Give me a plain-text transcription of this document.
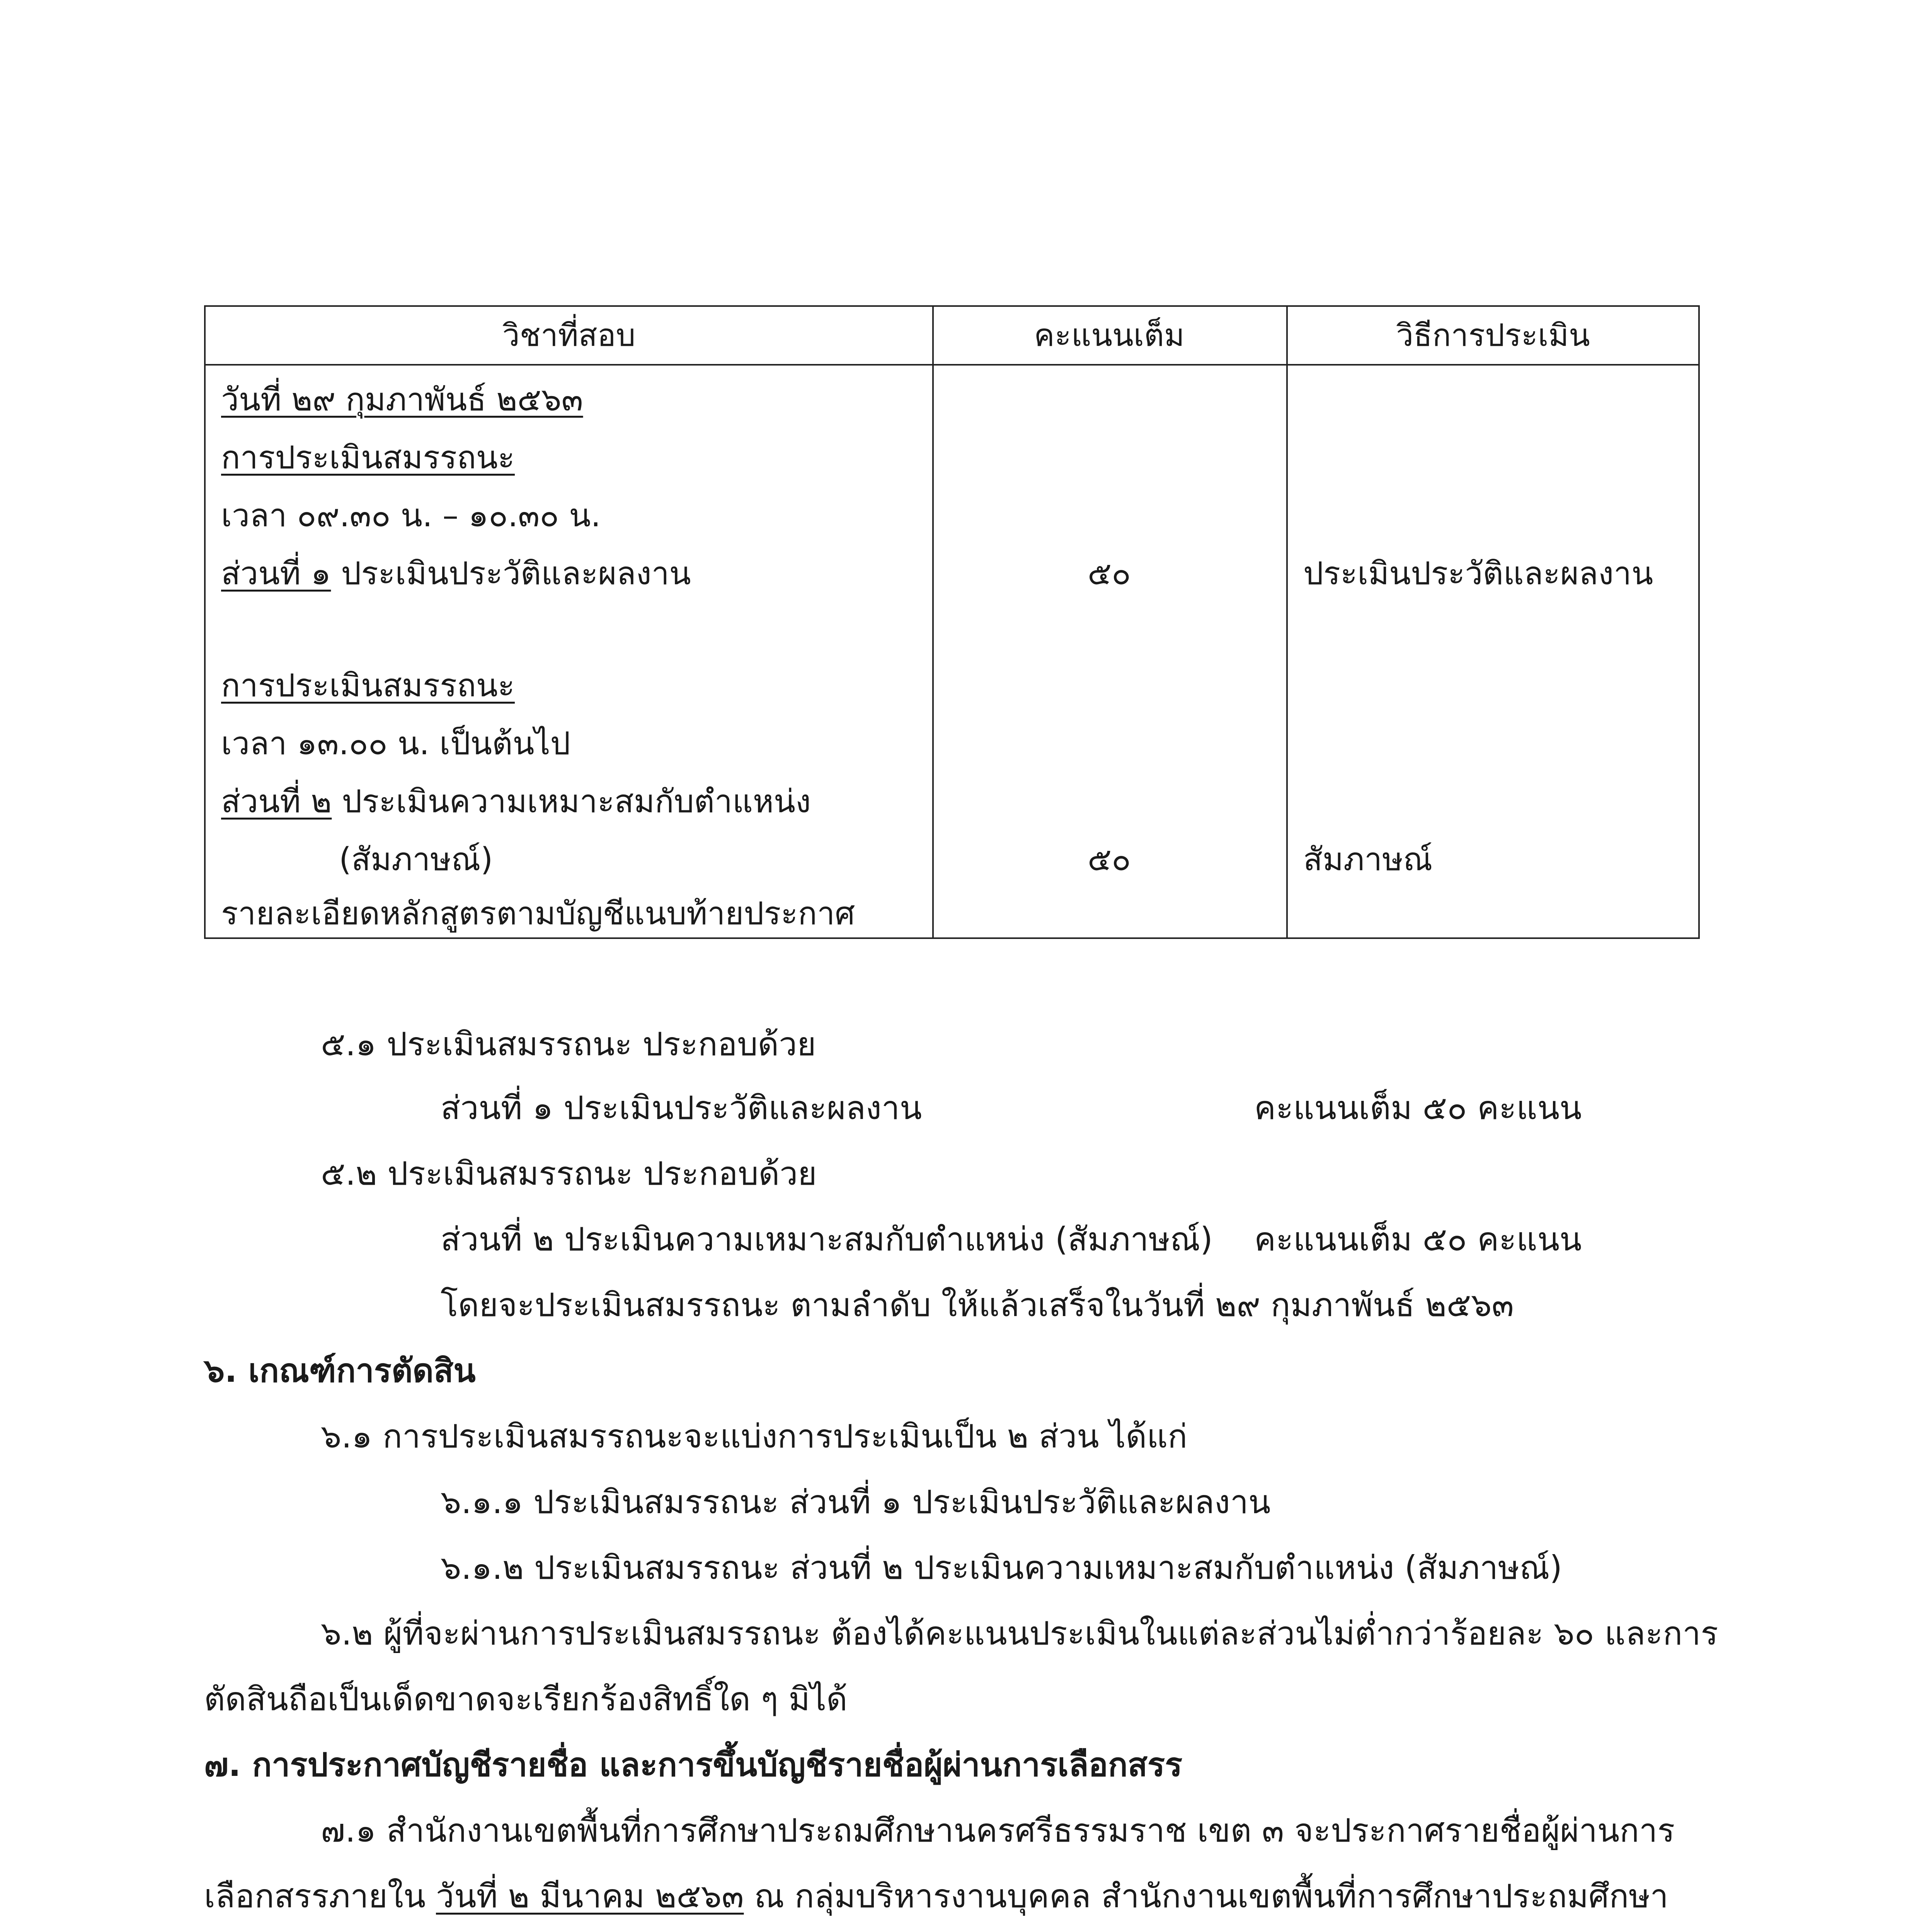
วิชาที่สอบ	คะแนนเต็ม	วิธีการประเมิน
วันที่ ๒๙ กุมภาพันธ์ ๒๕๖๓
การประเมินสมรรถนะ
เวลา ๐๙.๓๐ น. – ๑๐.๓๐ น.
ส่วนที่ ๑ ประเมินประวัติและผลงาน	๕๐	ประเมินประวัติและผลงาน
การประเมินสมรรถนะ
เวลา ๑๓.๐๐ น. เป็นต้นไป
ส่วนที่ ๒ ประเมินความเหมาะสมกับตำแหน่ง
(สัมภาษณ์)	๕๐	สัมภาษณ์
รายละเอียดหลักสูตรตามบัญชีแนบท้ายประกาศ
๕.๑ ประเมินสมรรถนะ ประกอบด้วย
ส่วนที่ ๑ ประเมินประวัติและผลงาน	คะแนนเต็ม ๕๐ คะแนน
๕.๒ ประเมินสมรรถนะ ประกอบด้วย
ส่วนที่ ๒ ประเมินความเหมาะสมกับตำแหน่ง (สัมภาษณ์) คะแนนเต็ม ๕๐ คะแนน
โดยจะประเมินสมรรถนะ ตามลำดับ ให้แล้วเสร็จในวันที่ ๒๙ กุมภาพันธ์ ๒๕๖๓
๖. เกณฑ์การตัดสิน
๖.๑ การประเมินสมรรถนะจะแบ่งการประเมินเป็น ๒ ส่วน ได้แก่
๖.๑.๑ ประเมินสมรรถนะ ส่วนที่ ๑ ประเมินประวัติและผลงาน
๖.๑.๒ ประเมินสมรรถนะ ส่วนที่ ๒ ประเมินความเหมาะสมกับตำแหน่ง (สัมภาษณ์)
๖.๒ ผู้ที่จะผ่านการประเมินสมรรถนะ ต้องได้คะแนนประเมินในแต่ละส่วนไม่ต่ำกว่าร้อยละ ๖๐ และการ
ตัดสินถือเป็นเด็ดขาดจะเรียกร้องสิทธิ์ใด ๆ มิได้
๗. การประกาศบัญชีรายชื่อ และการขึ้นบัญชีรายชื่อผู้ผ่านการเลือกสรร
๗.๑ สำนักงานเขตพื้นที่การศึกษาประถมศึกษานครศรีธรรมราช เขต ๓ จะประกาศรายชื่อผู้ผ่านการ
เลือกสรรภายใน วันที่ ๒ มีนาคม ๒๕๖๓ ณ กลุ่มบริหารงานบุคคล สำนักงานเขตพื้นที่การศึกษาประถมศึกษา
